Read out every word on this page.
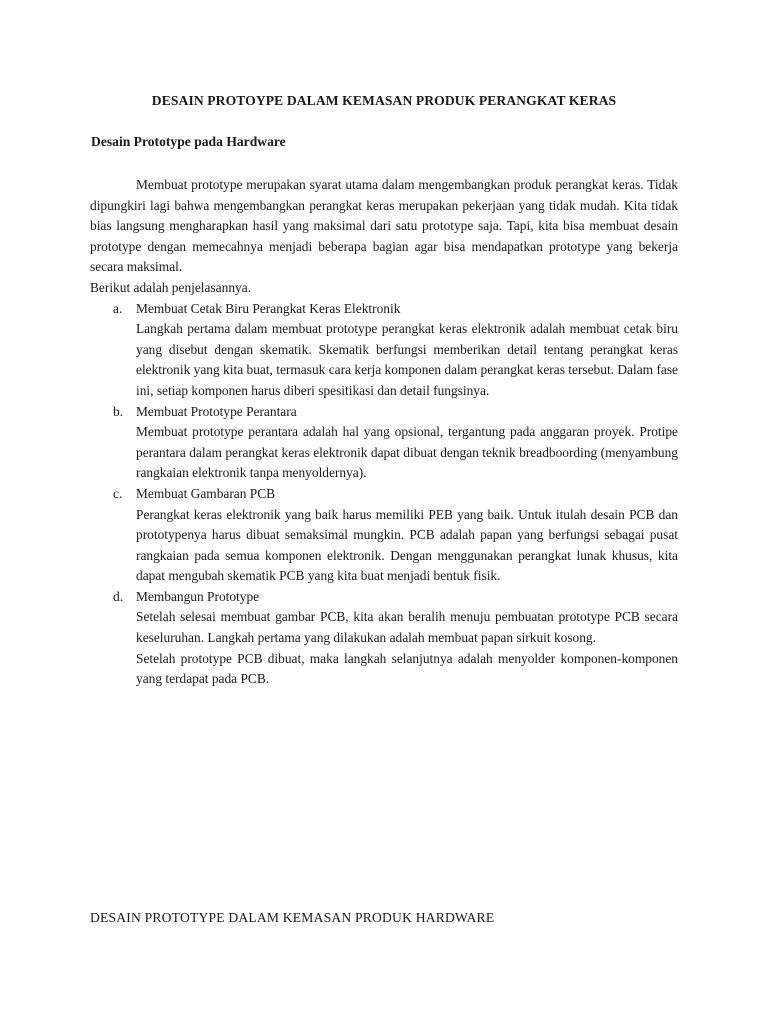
DESAIN PROTOYPE DALAM KEMASAN PRODUK PERANGKAT KERAS
Desain Prototype pada Hardware

Membuat prototype merupakan syarat utama dalam mengembangkan produk perangkat keras. Tidak dipungkiri lagi bahwa mengembangkan perangkat keras merupakan pekerjaan yang tidak mudah. Kita tidak bias langsung mengharapkan hasil yang maksimal dari satu prototype saja. Tapi, kita bisa membuat desain prototype dengan memecahnya menjadi beberapa bagian agar bisa mendapatkan prototype yang bekerja secara maksimal.

Berikut adalah penjelasannya.

a. Membuat Cetak Biru Perangkat Keras Elektronik

Langkah pertama dalam membuat prototype perangkat keras elektronik adalah membuat cetak biru yang disebut dengan skematik. Skematik berfungsi memberikan detail tentang perangkat keras elektronik yang kita buat, termasuk cara kerja komponen dalam perangkat keras tersebut. Dalam fase ini, setiap komponen harus diberi spesitikasi dan detail fungsinya.

b. Membuat Prototype Perantara

Membuat prototype perantara adalah hal yang opsional, tergantung pada anggaran proyek. Protipe perantara dalam perangkat keras elektronik dapat dibuat dengan teknik breadboording (menyambung rangkaian elektronik tanpa menyoldernya).

c. Membuat Gambaran PCB

Perangkat keras elektronik yang baik harus memiliki PEB yang baik. Untuk itulah desain PCB dan prototypenya harus dibuat semaksimal mungkin. PCB adalah papan yang berfungsi sebagai pusat rangkaian pada semua komponen elektronik. Dengan menggunakan perangkat lunak khusus, kita dapat mengubah skematik PCB yang kita buat menjadi bentuk fisik.

d. Membangun Prototype

Setelah selesai membuat gambar PCB, kita akan beralih menuju pembuatan prototype PCB secara keseluruhan. Langkah pertama yang dilakukan adalah membuat papan sirkuit kosong.

Setelah prototype PCB dibuat, maka langkah selanjutnya adalah menyolder komponen-komponen yang terdapat pada PCB.

DESAIN PROTOTYPE DALAM KEMASAN PRODUK HARDWARE
